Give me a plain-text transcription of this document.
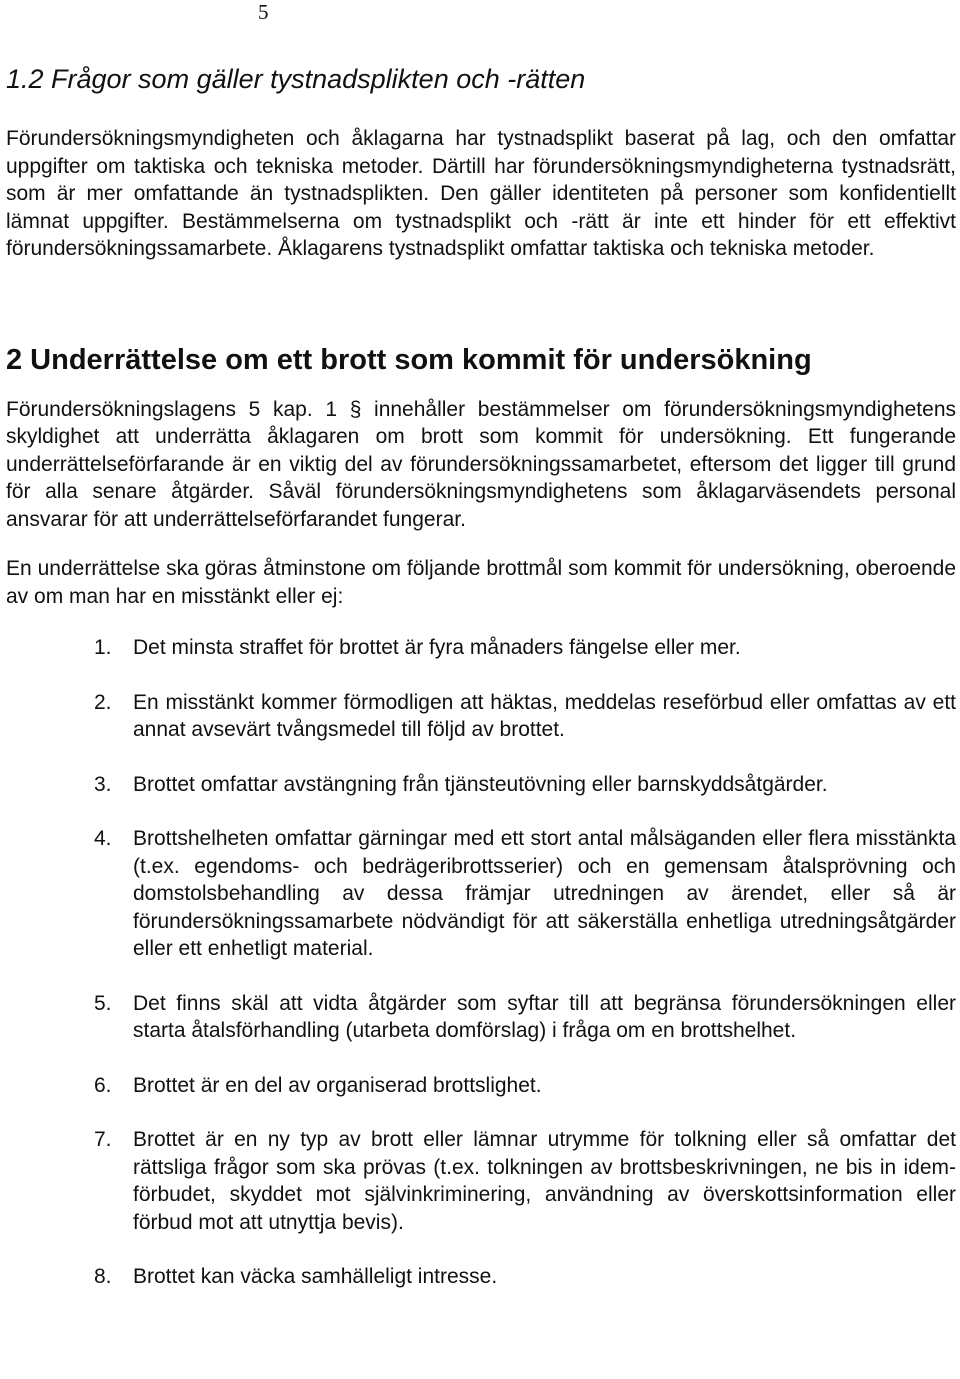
5
1.2 Frågor som gäller tystnadsplikten och -rätten

Förundersökningsmyndigheten och åklagarna har tystnadsplikt baserat på lag, och den omfattar uppgifter om taktiska och tekniska metoder. Därtill har förundersökningsmyndigheterna tystnadsrätt, som är mer omfattande än tystnadsplikten. Den gäller identiteten på personer som konfidentiellt lämnat uppgifter. Bestämmelserna om tystnadsplikt och -rätt är inte ett hinder för ett effektivt förundersökningssamarbete. Åklagarens tystnadsplikt omfattar taktiska och tekniska metoder.

2 Underrättelse om ett brott som kommit för undersökning

Förundersökningslagens 5 kap. 1 § innehåller bestämmelser om förundersökningsmyndighetens skyldighet att underrätta åklagaren om brott som kommit för undersökning. Ett fungerande underrättelseförfarande är en viktig del av förundersökningssamarbetet, eftersom det ligger till grund för alla senare åtgärder. Såväl förundersökningsmyndighetens som åklagarväsendets personal ansvarar för att underrättelseförfarandet fungerar.

En underrättelse ska göras åtminstone om följande brottmål som kommit för undersökning, oberoende av om man har en misstänkt eller ej:

1. Det minsta straffet för brottet är fyra månaders fängelse eller mer.
2. En misstänkt kommer förmodligen att häktas, meddelas reseförbud eller omfattas av ett annat avsevärt tvångsmedel till följd av brottet.
3. Brottet omfattar avstängning från tjänsteutövning eller barnskyddsåtgärder.
4. Brottshelheten omfattar gärningar med ett stort antal målsäganden eller flera misstänkta (t.ex. egendoms- och bedrägeribrottsserier) och en gemensam åtalsprövning och domstolsbehandling av dessa främjar utredningen av ärendet, eller så är förundersökningssamarbete nödvändigt för att säkerställa enhetliga utredningsåtgärder eller ett enhetligt material.
5. Det finns skäl att vidta åtgärder som syftar till att begränsa förundersökningen eller starta åtalsförhandling (utarbeta domförslag) i fråga om en brottshelhet.
6. Brottet är en del av organiserad brottslighet.
7. Brottet är en ny typ av brott eller lämnar utrymme för tolkning eller så omfattar det rättsliga frågor som ska prövas (t.ex. tolkningen av brottsbeskrivningen, ne bis in idem-förbudet, skyddet mot självinkriminering, användning av överskottsinformation eller förbud mot att utnyttja bevis).
8. Brottet kan väcka samhälleligt intresse.
